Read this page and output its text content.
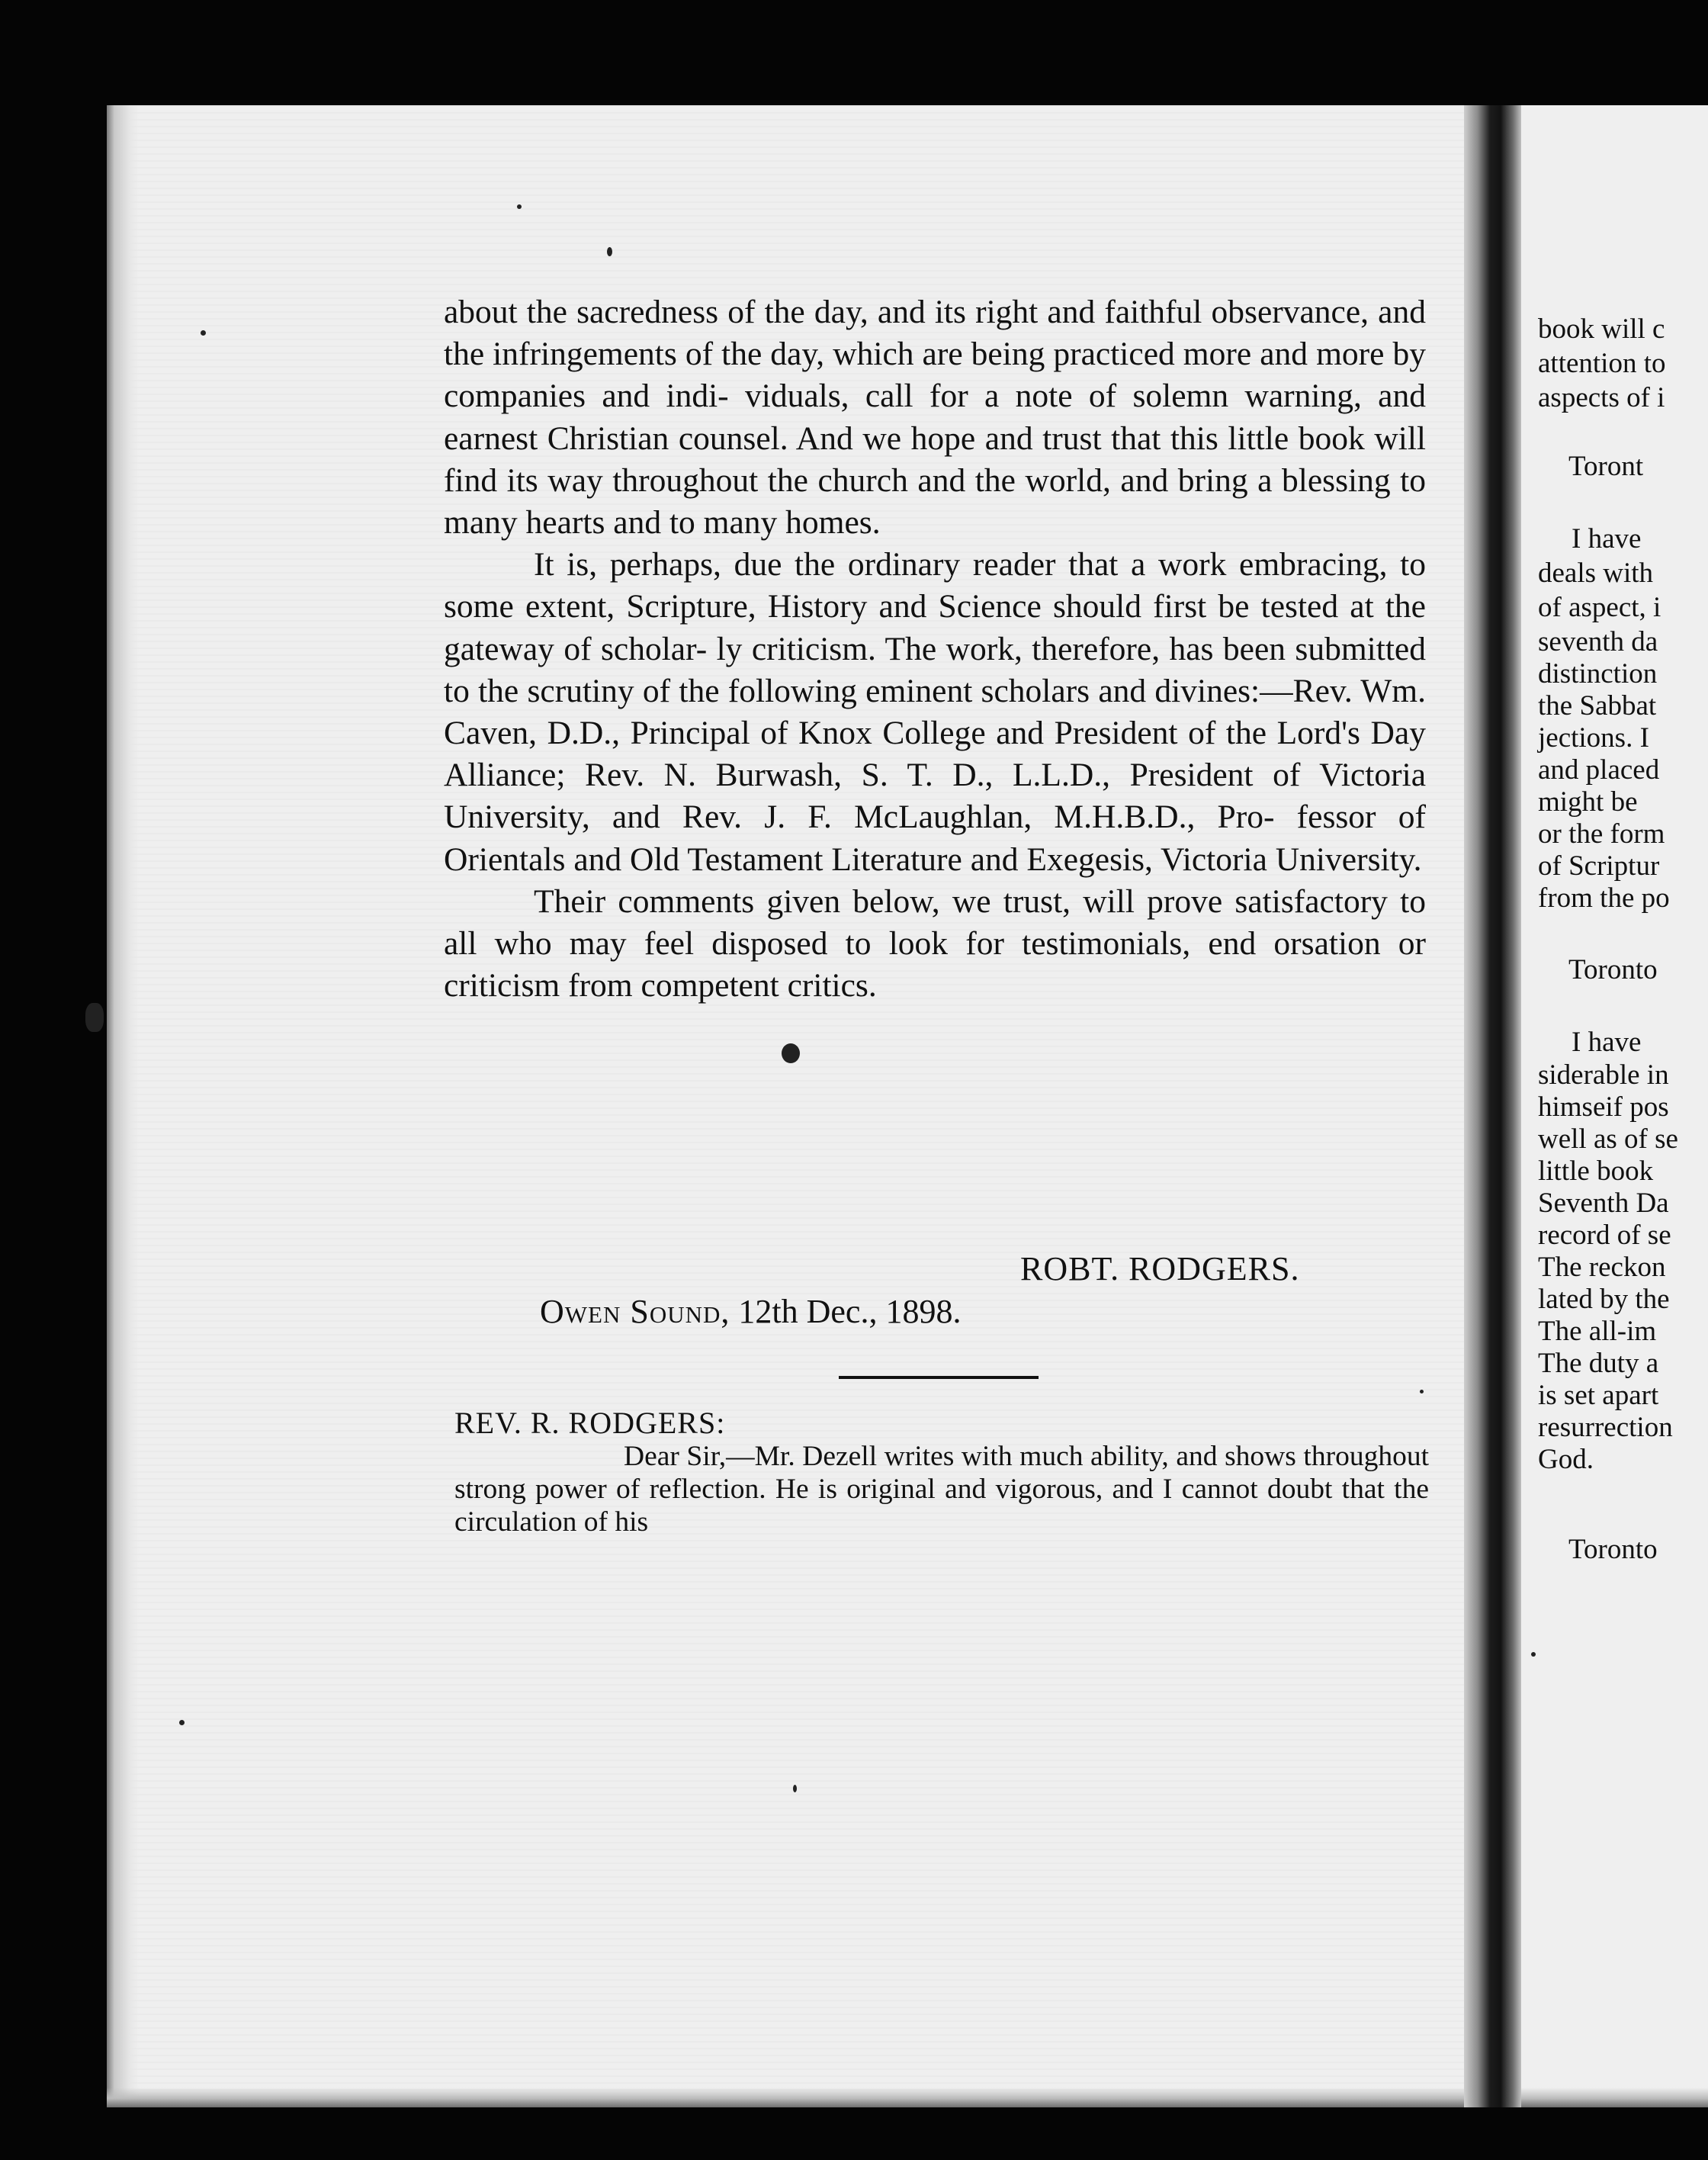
book will c
attention to
aspects of i
Toront
I have
deals with
of aspect, i
seventh da
distinction
the Sabbat
jections. I
and placed
might be
or the form
of Scriptur
from the po
Toronto
I have
siderable in
himseif pos
well as of se
little book
Seventh Da
record of se
The reckon
lated by the
The all-im
The duty a
is set apart
resurrection
God.
Toronto

about the sacredness of the day, and its right and faithful observance, and the infringements of the day, which are being practiced more and more by companies and indi- viduals, call for a note of solemn warning, and earnest Christian counsel. And we hope and trust that this little book will find its way throughout the church and the world, and bring a blessing to many hearts and to many homes.

It is, perhaps, due the ordinary reader that a work embracing, to some extent, Scripture, History and Science should first be tested at the gateway of scholar- ly criticism. The work, therefore, has been submitted to the scrutiny of the following eminent scholars and divines:—Rev. Wm. Caven, D.D., Principal of Knox College and President of the Lord's Day Alliance; Rev. N. Burwash, S. T. D., L.L.D., President of Victoria University, and Rev. J. F. McLaughlan, M.H.B.D., Pro- fessor of Orientals and Old Testament Literature and Exegesis, Victoria University.

Their comments given below, we trust, will prove satisfactory to all who may feel disposed to look for testimonials, end orsation or criticism from competent critics.

ROBT. RODGERS.
Owen Sound, 12th Dec., 1898.
REV. R. RODGERS:

Dear Sir,—Mr. Dezell writes with much ability, and shows throughout strong power of reflection. He is original and vigorous, and I cannot doubt that the circulation of his
